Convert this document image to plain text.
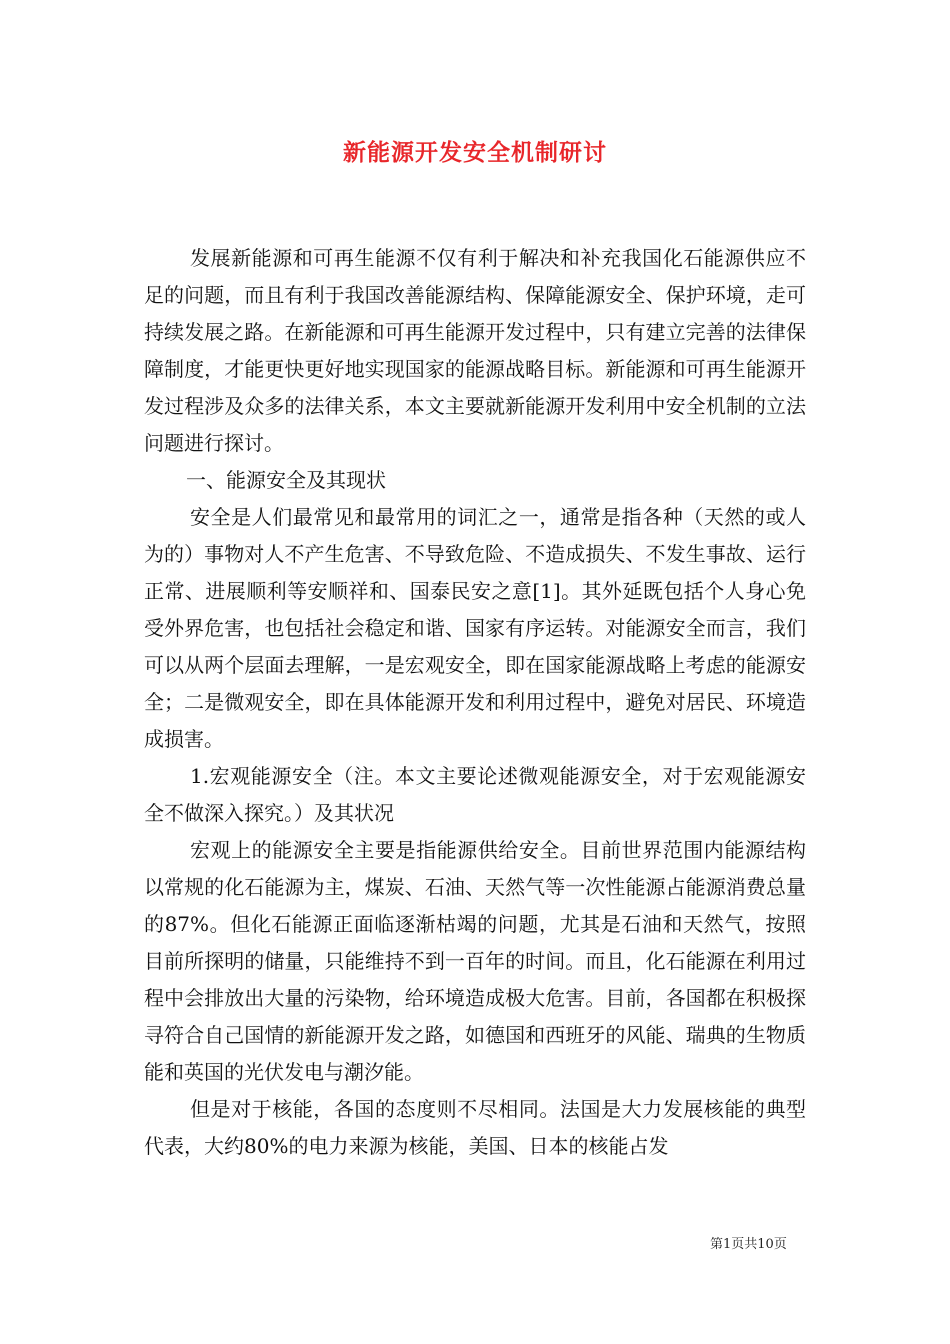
新能源开发安全机制研讨

发展新能源和可再生能源不仅有利于解决和补充我国化石能源供应不足的问题，而且有利于我国改善能源结构、保障能源安全、保护环境，走可持续发展之路。在新能源和可再生能源开发过程中，只有建立完善的法律保障制度，才能更快更好地实现国家的能源战略目标。新能源和可再生能源开发过程涉及众多的法律关系，本文主要就新能源开发利用中安全机制的立法问题进行探讨。

一、能源安全及其现状

安全是人们最常见和最常用的词汇之一，通常是指各种（天然的或人为的）事物对人不产生危害、不导致危险、不造成损失、不发生事故、运行正常、进展顺利等安顺祥和、国泰民安之意[1]。其外延既包括个人身心免受外界危害，也包括社会稳定和谐、国家有序运转。对能源安全而言，我们可以从两个层面去理解，一是宏观安全，即在国家能源战略上考虑的能源安全；二是微观安全，即在具体能源开发和利用过程中，避免对居民、环境造成损害。

1.宏观能源安全（注。本文主要论述微观能源安全，对于宏观能源安全不做深入探究。）及其状况

宏观上的能源安全主要是指能源供给安全。目前世界范围内能源结构以常规的化石能源为主，煤炭、石油、天然气等一次性能源占能源消费总量的87%。但化石能源正面临逐渐枯竭的问题，尤其是石油和天然气，按照目前所探明的储量，只能维持不到一百年的时间。而且，化石能源在利用过程中会排放出大量的污染物，给环境造成极大危害。目前，各国都在积极探寻符合自己国情的新能源开发之路，如德国和西班牙的风能、瑞典的生物质能和英国的光伏发电与潮汐能。

但是对于核能，各国的态度则不尽相同。法国是大力发展核能的典型代表，大约80%的电力来源为核能，美国、日本的核能占发

第1页共10页
